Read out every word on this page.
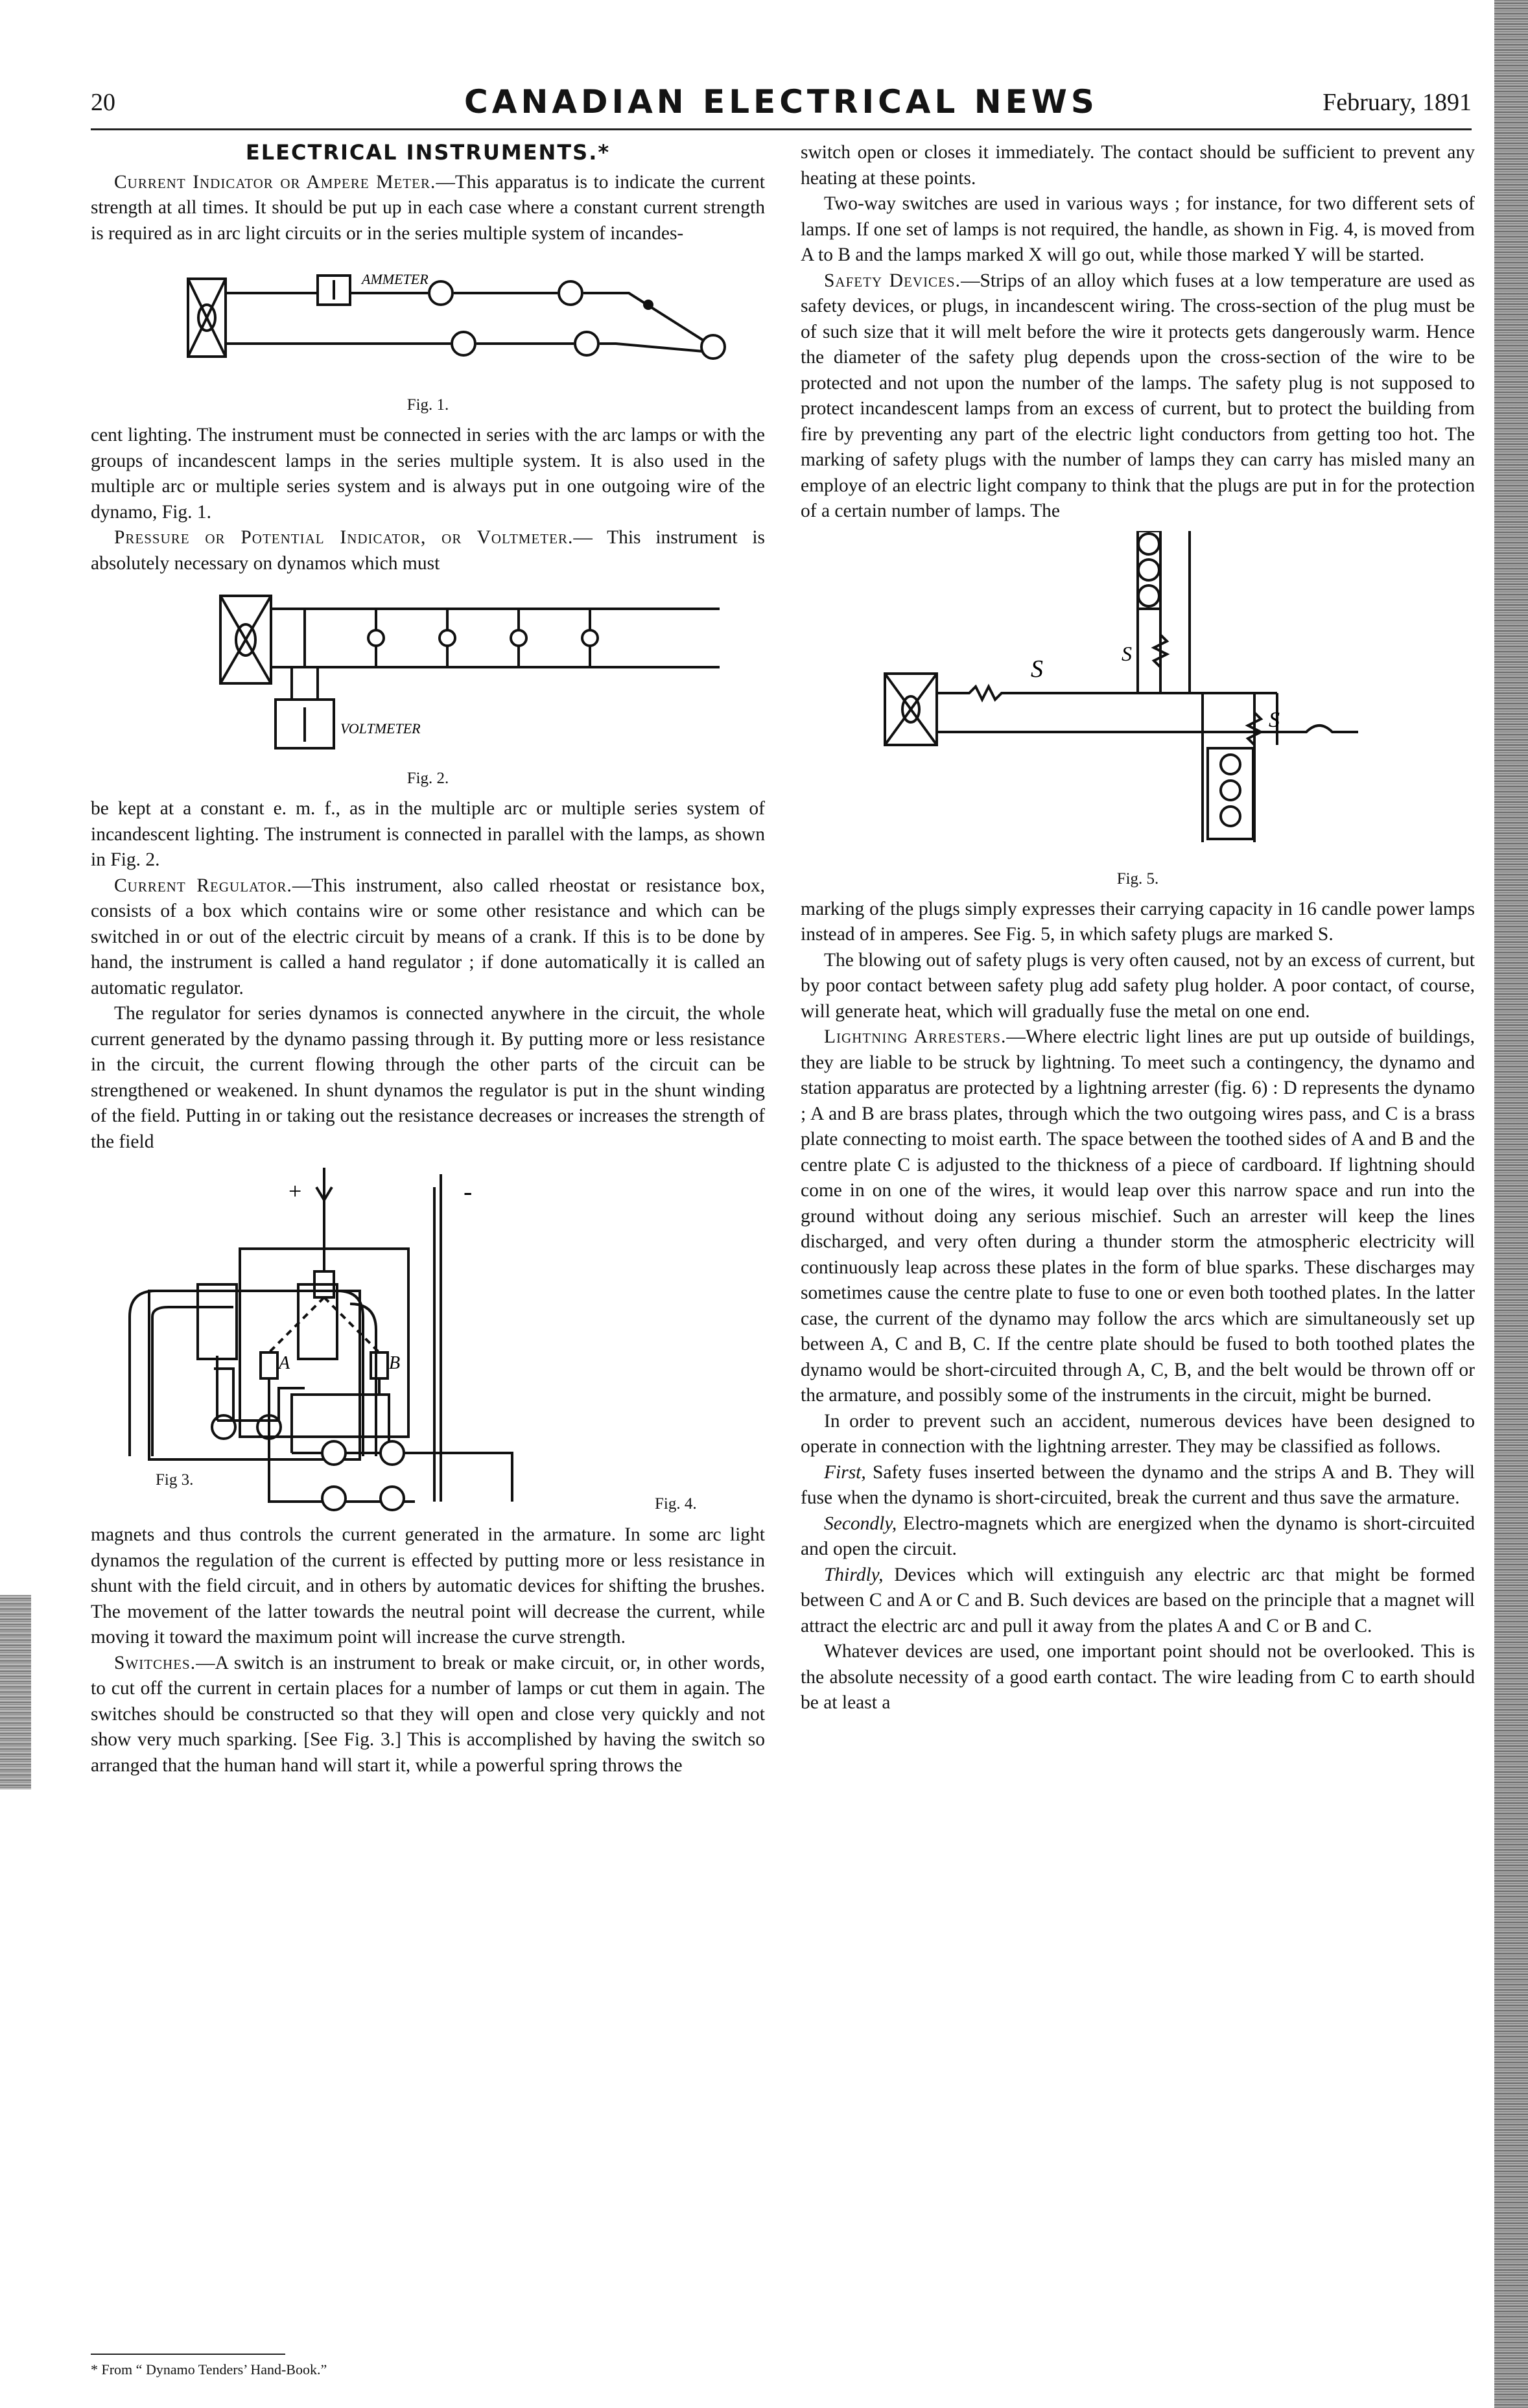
20	CANADIAN ELECTRICAL NEWS	February, 1891
ELECTRICAL INSTRUMENTS.*

Current Indicator or Ampere Meter.—This apparatus is to indicate the current strength at all times. It should be put up in each case where a constant current strength is required as in arc light circuits or in the series multiple system of incandes-

AMMETER
Fig. 1.

cent lighting. The instrument must be connected in series with the arc lamps or with the groups of incandescent lamps in the series multiple system. It is also used in the multiple arc or multiple series system and is always put in one outgoing wire of the dynamo, Fig. 1.

Pressure or Potential Indicator, or Voltmeter.— This instrument is absolutely necessary on dynamos which must

VOLTMETER
Fig. 2.

be kept at a constant e. m. f., as in the multiple arc or multiple series system of incandescent lighting. The instrument is connected in parallel with the lamps, as shown in Fig. 2.

Current Regulator.—This instrument, also called rheostat or resistance box, consists of a box which contains wire or some other resistance and which can be switched in or out of the electric circuit by means of a crank. If this is to be done by hand, the instrument is called a hand regulator ; if done automatically it is called an automatic regulator.

The regulator for series dynamos is connected anywhere in the circuit, the whole current generated by the dynamo passing through it. By putting more or less resistance in the circuit, the current flowing through the other parts of the circuit can be strengthened or weakened. In shunt dynamos the regulator is put in the shunt winding of the field. Putting in or taking out the resistance decreases or increases the strength of the field

+	-
A	B
Fig 3.
Fig. 4.

magnets and thus controls the current generated in the armature. In some arc light dynamos the regulation of the current is effected by putting more or less resistance in shunt with the field circuit, and in others by automatic devices for shifting the brushes. The movement of the latter towards the neutral point will decrease the current, while moving it toward the maximum point will increase the curve strength.

Switches.—A switch is an instrument to break or make circuit, or, in other words, to cut off the current in certain places for a number of lamps or cut them in again. The switches should be constructed so that they will open and close very quickly and not show very much sparking. [See Fig. 3.] This is accomplished by having the switch so arranged that the human hand will start it, while a powerful spring throws the

switch open or closes it immediately. The contact should be sufficient to prevent any heating at these points.

Two-way switches are used in various ways ; for instance, for two different sets of lamps. If one set of lamps is not required, the handle, as shown in Fig. 4, is moved from A to B and the lamps marked X will go out, while those marked Y will be started.

Safety Devices.—Strips of an alloy which fuses at a low temperature are used as safety devices, or plugs, in incandescent wiring. The cross-section of the plug must be of such size that it will melt before the wire it protects gets dangerously warm. Hence the diameter of the safety plug depends upon the cross-section of the wire to be protected and not upon the number of the lamps. The safety plug is not supposed to protect incandescent lamps from an excess of current, but to protect the building from fire by preventing any part of the electric light conductors from getting too hot. The marking of safety plugs with the number of lamps they can carry has misled many an employe of an electric light company to think that the plugs are put in for the protection of a certain number of lamps. The

S
S
S
Fig. 5.

marking of the plugs simply expresses their carrying capacity in 16 candle power lamps instead of in amperes. See Fig. 5, in which safety plugs are marked S.

The blowing out of safety plugs is very often caused, not by an excess of current, but by poor contact between safety plug add safety plug holder. A poor contact, of course, will generate heat, which will gradually fuse the metal on one end.

Lightning Arresters.—Where electric light lines are put up outside of buildings, they are liable to be struck by lightning. To meet such a contingency, the dynamo and station apparatus are protected by a lightning arrester (fig. 6) : D represents the dynamo ; A and B are brass plates, through which the two outgoing wires pass, and C is a brass plate connecting to moist earth. The space between the toothed sides of A and B and the centre plate C is adjusted to the thickness of a piece of cardboard. If lightning should come in on one of the wires, it would leap over this narrow space and run into the ground without doing any serious mischief. Such an arrester will keep the lines discharged, and very often during a thunder storm the atmospheric electricity will continuously leap across these plates in the form of blue sparks. These discharges may sometimes cause the centre plate to fuse to one or even both toothed plates. In the latter case, the current of the dynamo may follow the arcs which are simultaneously set up between A, C and B, C. If the centre plate should be fused to both toothed plates the dynamo would be short-circuited through A, C, B, and the belt would be thrown off or the armature, and possibly some of the instruments in the circuit, might be burned.

In order to prevent such an accident, numerous devices have been designed to operate in connection with the lightning arrester. They may be classified as follows.

First, Safety fuses inserted between the dynamo and the strips A and B. They will fuse when the dynamo is short-circuited, break the current and thus save the armature.

Secondly, Electro-magnets which are energized when the dynamo is short-circuited and open the circuit.

Thirdly, Devices which will extinguish any electric arc that might be formed between C and A or C and B. Such devices are based on the principle that a magnet will attract the electric arc and pull it away from the plates A and C or B and C.

Whatever devices are used, one important point should not be overlooked. This is the absolute necessity of a good earth contact. The wire leading from C to earth should be at least a

* From “ Dynamo Tenders’ Hand-Book.”
